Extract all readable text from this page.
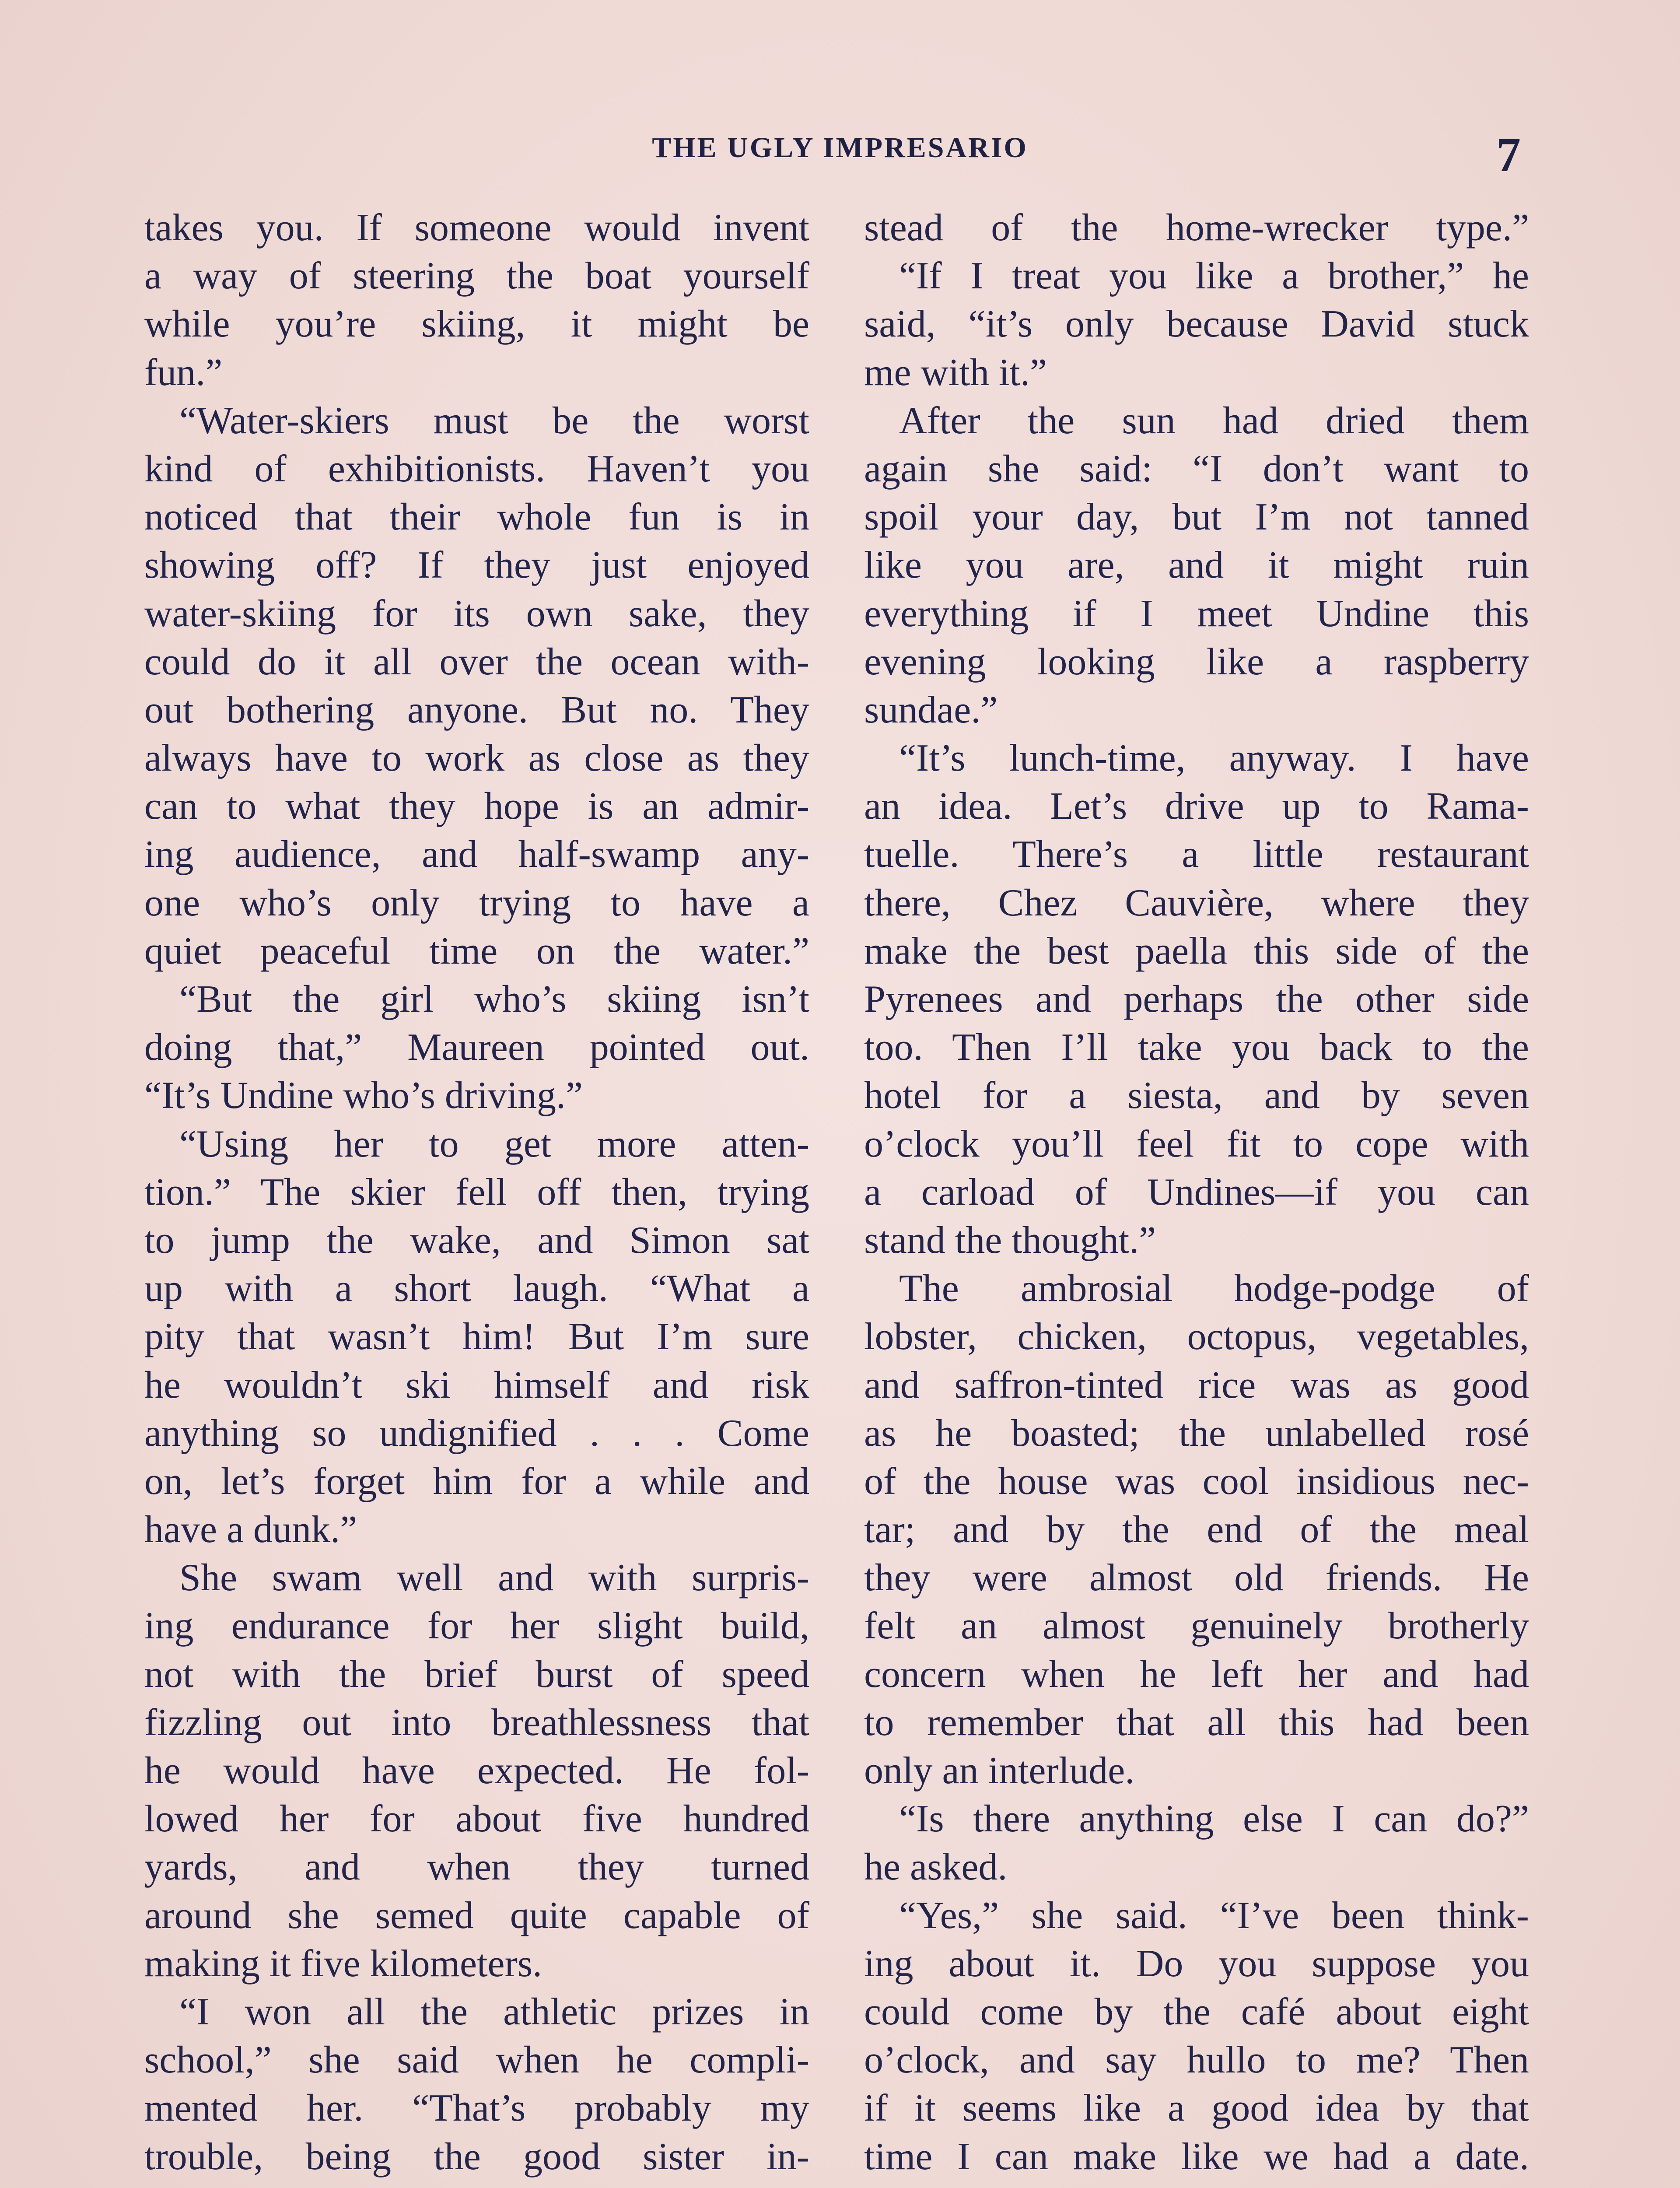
THE UGLY IMPRESARIO	7
takes you. If someone would invent
a way of steering the boat yourself
while you’re skiing, it might be
fun.”
“Water-skiers must be the worst
kind of exhibitionists. Haven’t you
noticed that their whole fun is in
showing off? If they just enjoyed
water-skiing for its own sake, they
could do it all over the ocean with-
out bothering anyone. But no. They
always have to work as close as they
can to what they hope is an admir-
ing audience, and half-swamp any-
one who’s only trying to have a
quiet peaceful time on the water.”
“But the girl who’s skiing isn’t
doing that,” Maureen pointed out.
“It’s Undine who’s driving.”
“Using her to get more atten-
tion.” The skier fell off then, trying
to jump the wake, and Simon sat
up with a short laugh. “What a
pity that wasn’t him! But I’m sure
he wouldn’t ski himself and risk
anything so undignified . . . Come
on, let’s forget him for a while and
have a dunk.”
She swam well and with surpris-
ing endurance for her slight build,
not with the brief burst of speed
fizzling out into breathlessness that
he would have expected. He fol-
lowed her for about five hundred
yards, and when they turned
around she semed quite capable of
making it five kilometers.
“I won all the athletic prizes in
school,” she said when he compli-
mented her. “That’s probably my
trouble, being the good sister in-
stead of the home-wrecker type.”
“If I treat you like a brother,” he
said, “it’s only because David stuck
me with it.”
After the sun had dried them
again she said: “I don’t want to
spoil your day, but I’m not tanned
like you are, and it might ruin
everything if I meet Undine this
evening looking like a raspberry
sundae.”
“It’s lunch-time, anyway. I have
an idea. Let’s drive up to Rama-
tuelle. There’s a little restaurant
there, Chez Cauvière, where they
make the best paella this side of the
Pyrenees and perhaps the other side
too. Then I’ll take you back to the
hotel for a siesta, and by seven
o’clock you’ll feel fit to cope with
a carload of Undines—if you can
stand the thought.”
The ambrosial hodge-podge of
lobster, chicken, octopus, vegetables,
and saffron-tinted rice was as good
as he boasted; the unlabelled rosé
of the house was cool insidious nec-
tar; and by the end of the meal
they were almost old friends. He
felt an almost genuinely brotherly
concern when he left her and had
to remember that all this had been
only an interlude.
“Is there anything else I can do?”
he asked.
“Yes,” she said. “I’ve been think-
ing about it. Do you suppose you
could come by the café about eight
o’clock, and say hullo to me? Then
if it seems like a good idea by that
time I can make like we had a date.
